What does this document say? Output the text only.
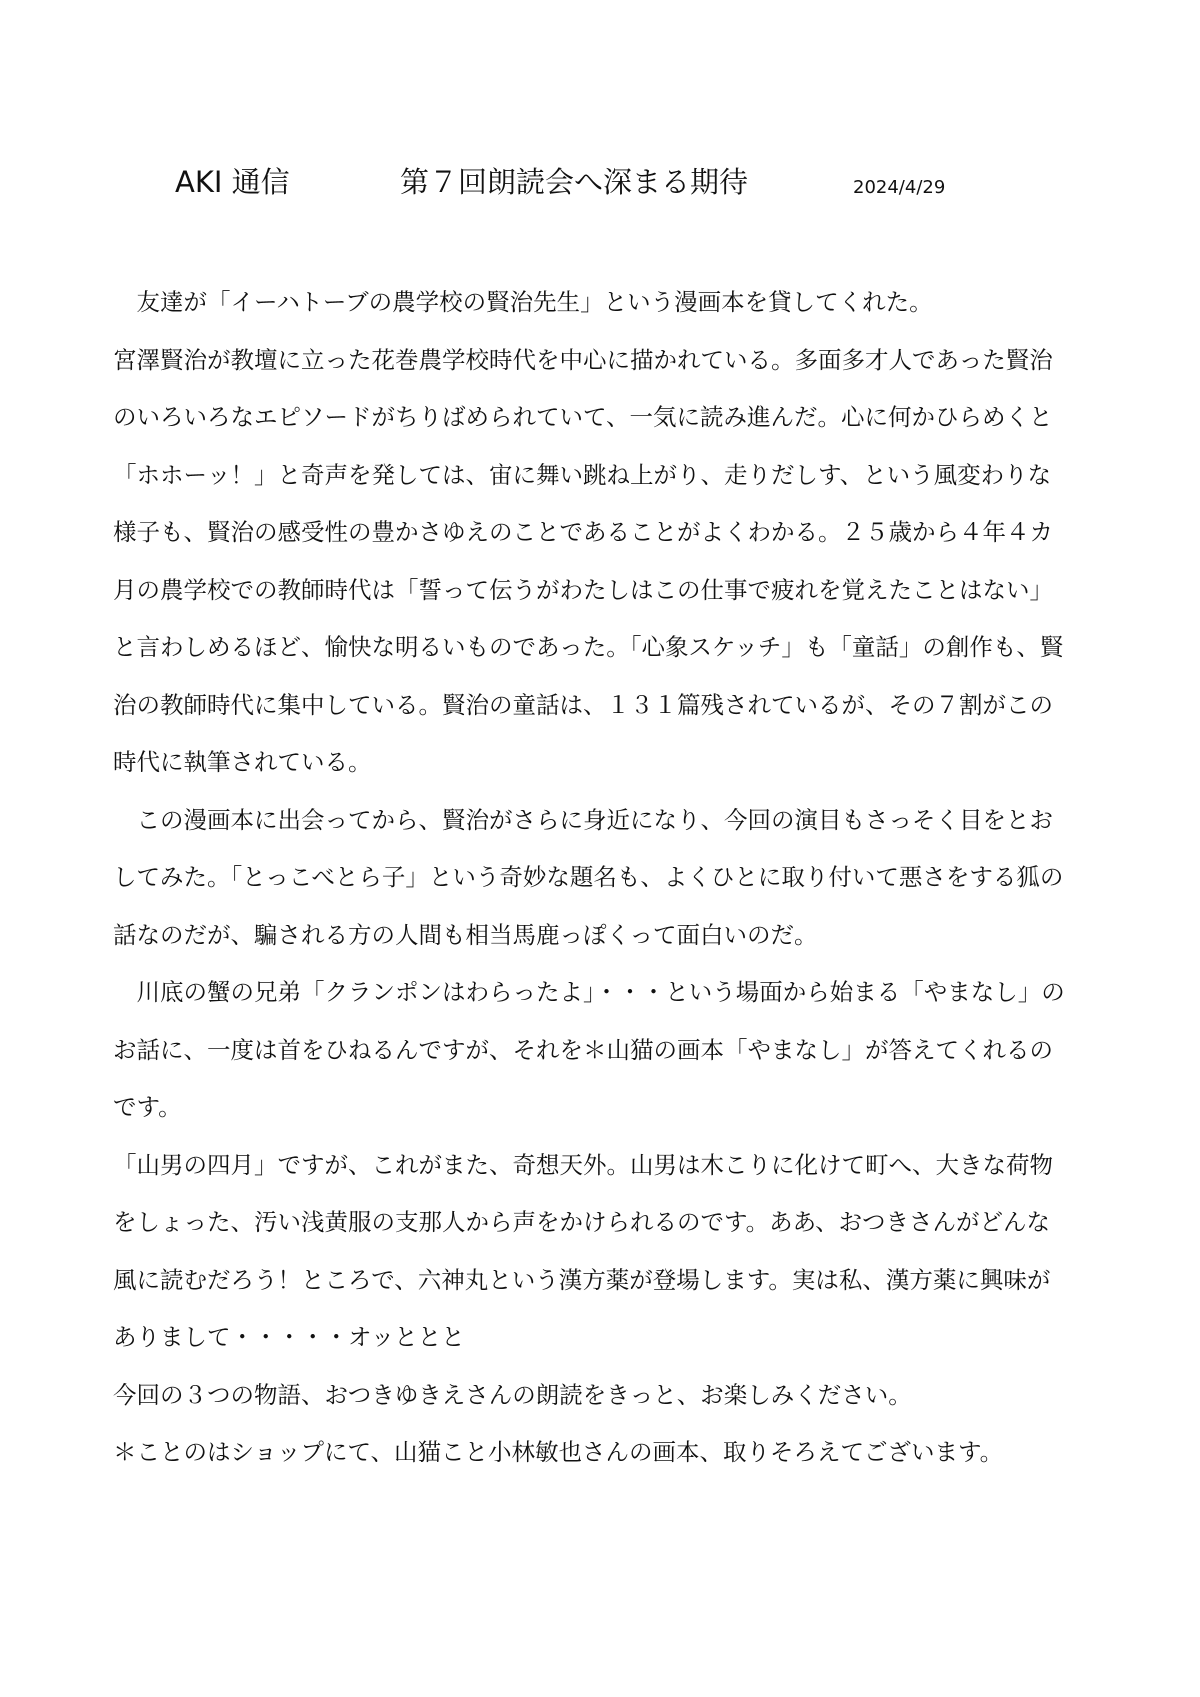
AKI 通信	第７回朗読会へ深まる期待	2024/4/29
　友達が「イーハトーブの農学校の賢治先生」という漫画本を貸してくれた。
宮澤賢治が教壇に立った花巻農学校時代を中心に描かれている。多面多才人であった賢治
のいろいろなエピソードがちりばめられていて、一気に読み進んだ。心に何かひらめくと
「ホホーッ！」と奇声を発しては、宙に舞い跳ね上がり、走りだしす、という風変わりな
様子も、賢治の感受性の豊かさゆえのことであることがよくわかる。２５歳から４年４カ
月の農学校での教師時代は「誓って伝うがわたしはこの仕事で疲れを覚えたことはない」
と言わしめるほど、愉快な明るいものであった。「心象スケッチ」も「童話」の創作も、賢
治の教師時代に集中している。賢治の童話は、１３１篇残されているが、その７割がこの
時代に執筆されている。
　この漫画本に出会ってから、賢治がさらに身近になり、今回の演目もさっそく目をとお
してみた。「とっこべとら子」という奇妙な題名も、よくひとに取り付いて悪さをする狐の
話なのだが、騙される方の人間も相当馬鹿っぽくって面白いのだ。
　川底の蟹の兄弟「クランポンはわらったよ」・・・という場面から始まる「やまなし」の
お話に、一度は首をひねるんですが、それを＊山猫の画本「やまなし」が答えてくれるの
です。
「山男の四月」ですが、これがまた、奇想天外。山男は木こりに化けて町へ、大きな荷物
をしょった、汚い浅黄服の支那人から声をかけられるのです。ああ、おつきさんがどんな
風に読むだろう！ところで、六神丸という漢方薬が登場します。実は私、漢方薬に興味が
ありまして・・・・・オッととと
今回の３つの物語、おつきゆきえさんの朗読をきっと、お楽しみください。
＊ことのはショップにて、山猫こと小林敏也さんの画本、取りそろえてございます。
